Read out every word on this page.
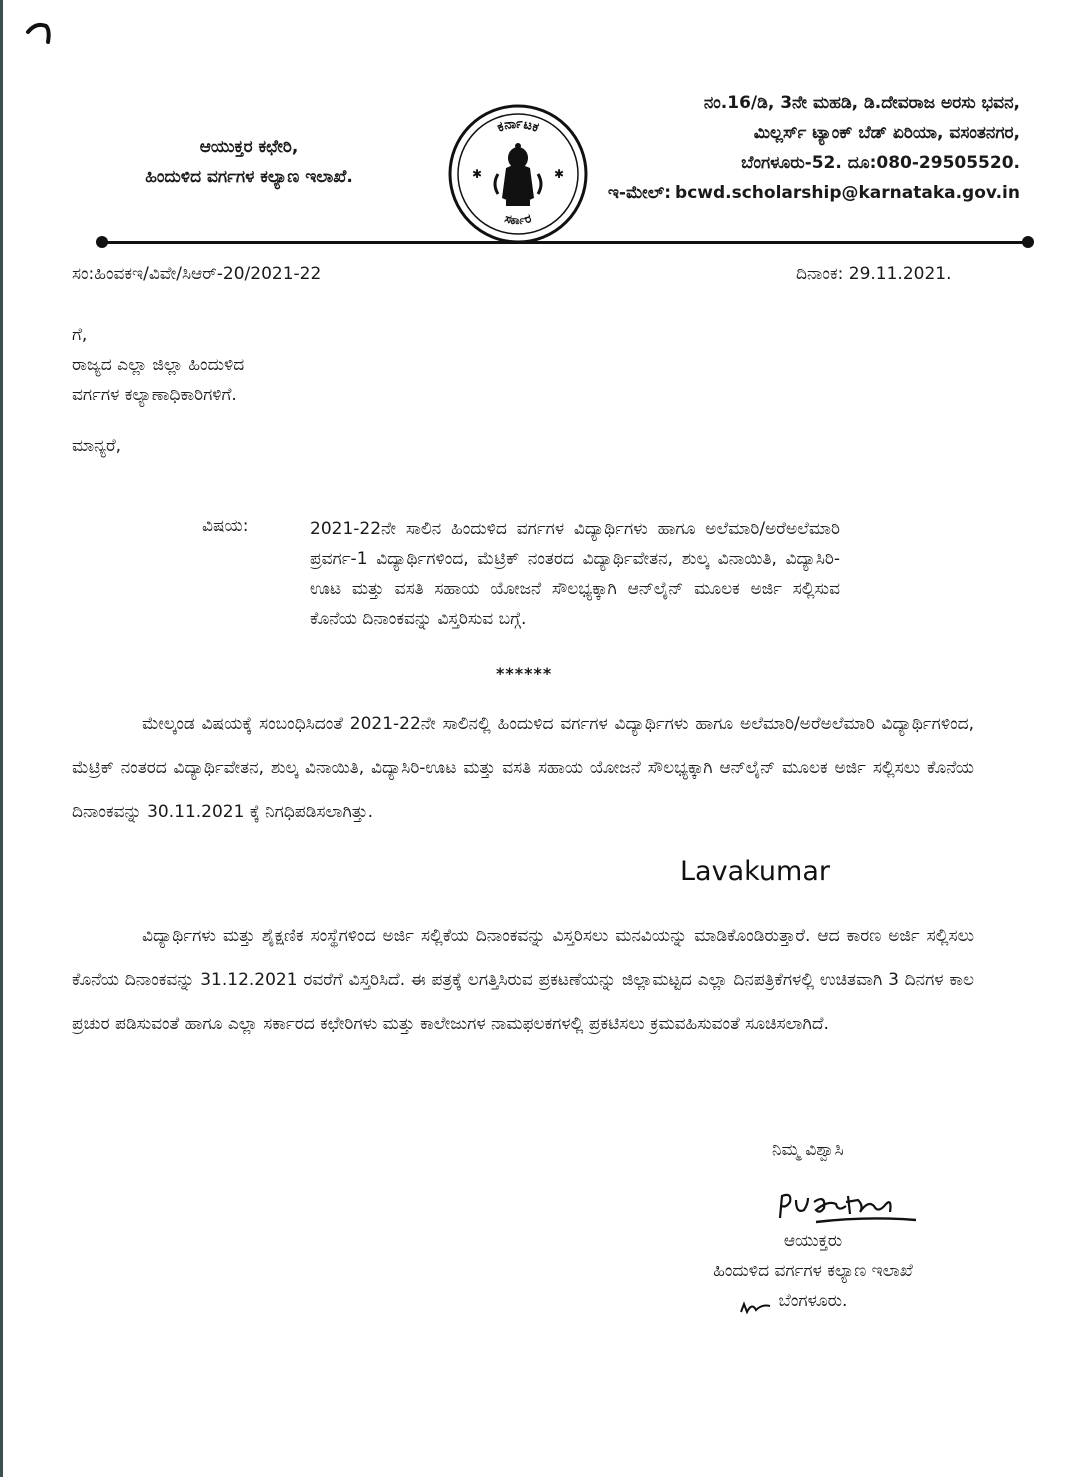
ಆಯುಕ್ತರ ಕಛೇರಿ,
ಹಿಂದುಳಿದ ವರ್ಗಗಳ ಕಲ್ಯಾಣ ಇಲಾಖೆ.
ಕರ್ನಾಟಕ
ಸರ್ಕಾರ
✱	✱
ನಂ.16/ಡಿ, 3ನೇ ಮಹಡಿ, ಡಿ.ದೇವರಾಜ ಅರಸು ಭವನ,
ಮಿಲ್ಲರ್ಸ್ ಟ್ಯಾಂಕ್ ಬೆಡ್ ಏರಿಯಾ, ವಸಂತನಗರ,
ಬೆಂಗಳೂರು-52. ದೂ:080-29505520.
ಇ-ಮೇಲ್: bcwd.scholarship@karnataka.gov.in
ಸಂ:ಹಿಂವಕಇ/ವಿವೇ/ಸಿಆರ್-20/2021-22	ದಿನಾಂಕ: 29.11.2021.
ಗೆ,
ರಾಜ್ಯದ ಎಲ್ಲಾ ಜಿಲ್ಲಾ ಹಿಂದುಳಿದ
ವರ್ಗಗಳ ಕಲ್ಯಾಣಾಧಿಕಾರಿಗಳಿಗೆ.
ಮಾನ್ಯರೆ,
ವಿಷಯ:	2021-22ನೇ ಸಾಲಿನ ಹಿಂದುಳಿದ ವರ್ಗಗಳ ವಿದ್ಯಾರ್ಥಿಗಳು ಹಾಗೂ ಅಲೆಮಾರಿ/ಅರೆಅಲೆಮಾರಿ ಪ್ರವರ್ಗ-1 ವಿದ್ಯಾರ್ಥಿಗಳಿಂದ, ಮೆಟ್ರಿಕ್ ನಂತರದ ವಿದ್ಯಾರ್ಥಿವೇತನ, ಶುಲ್ಕ ವಿನಾಯಿತಿ, ವಿದ್ಯಾಸಿರಿ-ಊಟ ಮತ್ತು ವಸತಿ ಸಹಾಯ ಯೋಜನೆ ಸೌಲಭ್ಯಕ್ಕಾಗಿ ಆನ್‌ಲೈನ್ ಮೂಲಕ ಅರ್ಜಿ ಸಲ್ಲಿಸುವ ಕೊನೆಯ ದಿನಾಂಕವನ್ನು ವಿಸ್ತರಿಸುವ ಬಗ್ಗೆ.
******
ಮೇಲ್ಕಂಡ ವಿಷಯಕ್ಕೆ ಸಂಬಂಧಿಸಿದಂತೆ 2021-22ನೇ ಸಾಲಿನಲ್ಲಿ ಹಿಂದುಳಿದ ವರ್ಗಗಳ ವಿದ್ಯಾರ್ಥಿಗಳು ಹಾಗೂ ಅಲೆಮಾರಿ/ಅರೆಅಲೆಮಾರಿ ವಿದ್ಯಾರ್ಥಿಗಳಿಂದ, ಮೆಟ್ರಿಕ್ ನಂತರದ ವಿದ್ಯಾರ್ಥಿವೇತನ, ಶುಲ್ಕ ವಿನಾಯಿತಿ, ವಿದ್ಯಾಸಿರಿ-ಊಟ ಮತ್ತು ವಸತಿ ಸಹಾಯ ಯೋಜನೆ ಸೌಲಭ್ಯಕ್ಕಾಗಿ ಆನ್‌ಲೈನ್ ಮೂಲಕ ಅರ್ಜಿ ಸಲ್ಲಿಸಲು ಕೊನೆಯ ದಿನಾಂಕವನ್ನು 30.11.2021 ಕ್ಕೆ ನಿಗಧಿಪಡಿಸಲಾಗಿತ್ತು.
Lavakumar
ವಿದ್ಯಾರ್ಥಿಗಳು ಮತ್ತು ಶೈಕ್ಷಣಿಕ ಸಂಸ್ಥೆಗಳಿಂದ ಅರ್ಜಿ ಸಲ್ಲಿಕೆಯ ದಿನಾಂಕವನ್ನು ವಿಸ್ತರಿಸಲು ಮನವಿಯನ್ನು ಮಾಡಿಕೊಂಡಿರುತ್ತಾರೆ. ಆದ ಕಾರಣ ಅರ್ಜಿ ಸಲ್ಲಿಸಲು ಕೊನೆಯ ದಿನಾಂಕವನ್ನು 31.12.2021 ರವರೆಗೆ ವಿಸ್ತರಿಸಿದೆ. ಈ ಪತ್ರಕ್ಕೆ ಲಗತ್ತಿಸಿರುವ ಪ್ರಕಟಣೆಯನ್ನು ಜಿಲ್ಲಾಮಟ್ಟದ ಎಲ್ಲಾ ದಿನಪತ್ರಿಕೆಗಳಲ್ಲಿ ಉಚಿತವಾಗಿ 3 ದಿನಗಳ ಕಾಲ ಪ್ರಚುರ ಪಡಿಸುವಂತೆ ಹಾಗೂ ಎಲ್ಲಾ ಸರ್ಕಾರದ ಕಛೇರಿಗಳು ಮತ್ತು ಕಾಲೇಜುಗಳ ನಾಮಫಲಕಗಳಲ್ಲಿ ಪ್ರಕಟಿಸಲು ಕ್ರಮವಹಿಸುವಂತೆ ಸೂಚಿಸಲಾಗಿದೆ.
ನಿಮ್ಮ ವಿಶ್ವಾಸಿ
ಆಯುಕ್ತರು
ಹಿಂದುಳಿದ ವರ್ಗಗಳ ಕಲ್ಯಾಣ ಇಲಾಖೆ
ಬೆಂಗಳೂರು.
